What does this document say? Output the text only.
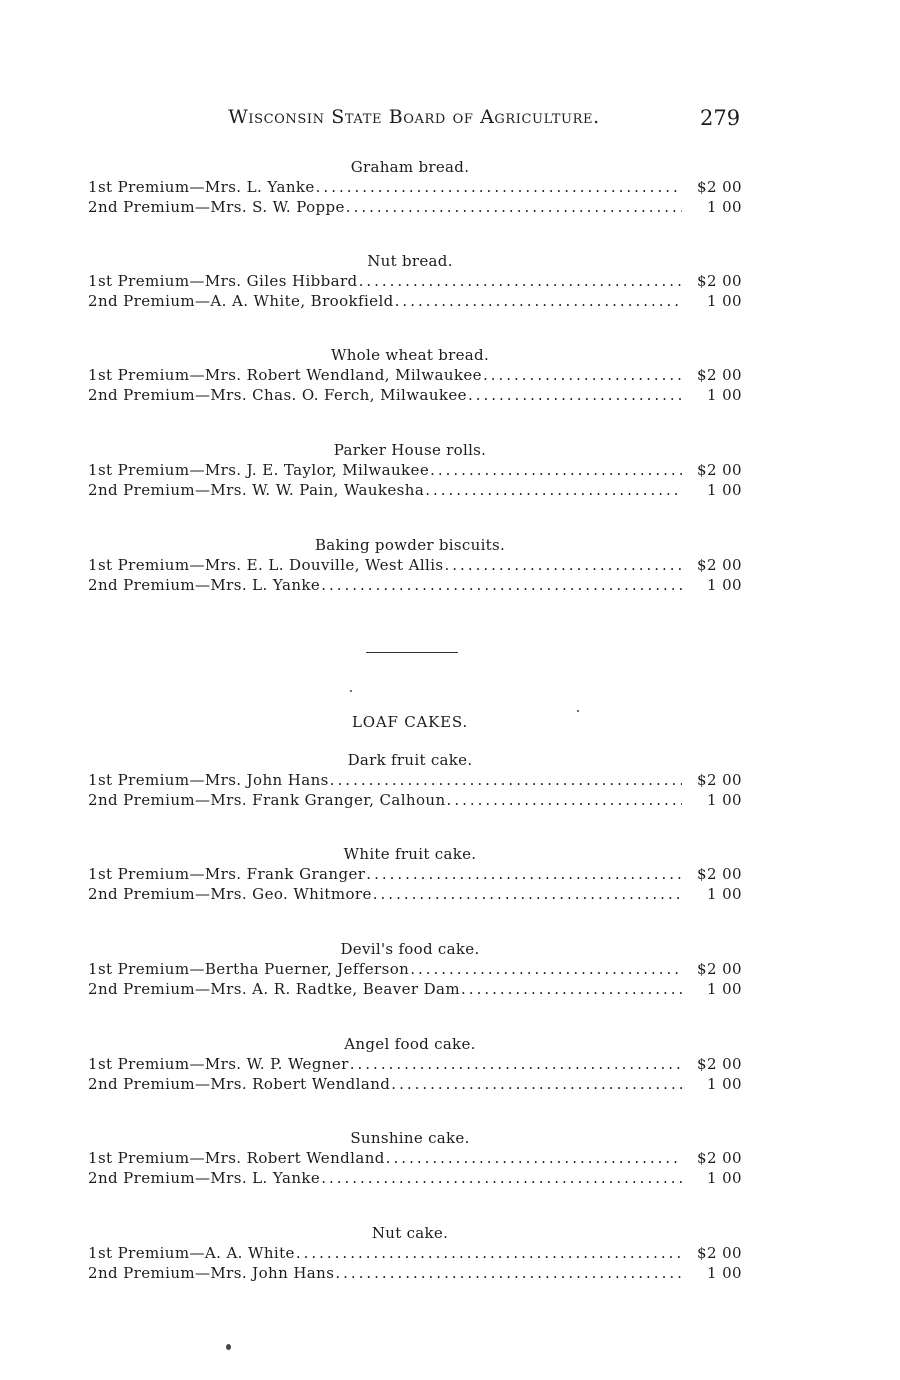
Wisconsin State Board of Agriculture.	279
Graham bread.
1st Premium—Mrs. L. Yanke .....	$2 00
2nd Premium—Mrs. S. W. Poppe .....	1 00
Nut bread.
1st Premium—Mrs. Giles Hibbard .....	$2 00
2nd Premium—A. A. White, Brookfield .....	1 00
Whole wheat bread.
1st Premium—Mrs. Robert Wendland, Milwaukee .....	$2 00
2nd Premium—Mrs. Chas. O. Ferch, Milwaukee .....	1 00
Parker House rolls.
1st Premium—Mrs. J. E. Taylor, Milwaukee .....	$2 00
2nd Premium—Mrs. W. W. Pain, Waukesha .....	1 00
Baking powder biscuits.
1st Premium—Mrs. E. L. Douville, West Allis .....	$2 00
2nd Premium—Mrs. L. Yanke .....	1 00
LOAF CAKES.
Dark fruit cake.
1st Premium—Mrs. John Hans .....	$2 00
2nd Premium—Mrs. Frank Granger, Calhoun .....	1 00
White fruit cake.
1st Premium—Mrs. Frank Granger .....	$2 00
2nd Premium—Mrs. Geo. Whitmore .....	1 00
Devil's food cake.
1st Premium—Bertha Puerner, Jefferson .....	$2 00
2nd Premium—Mrs. A. R. Radtke, Beaver Dam .....	1 00
Angel food cake.
1st Premium—Mrs. W. P. Wegner .....	$2 00
2nd Premium—Mrs. Robert Wendland .....	1 00
Sunshine cake.
1st Premium—Mrs. Robert Wendland .....	$2 00
2nd Premium—Mrs. L. Yanke .....	1 00
Nut cake.
1st Premium—A. A. White .....	$2 00
2nd Premium—Mrs. John Hans .....	1 00
